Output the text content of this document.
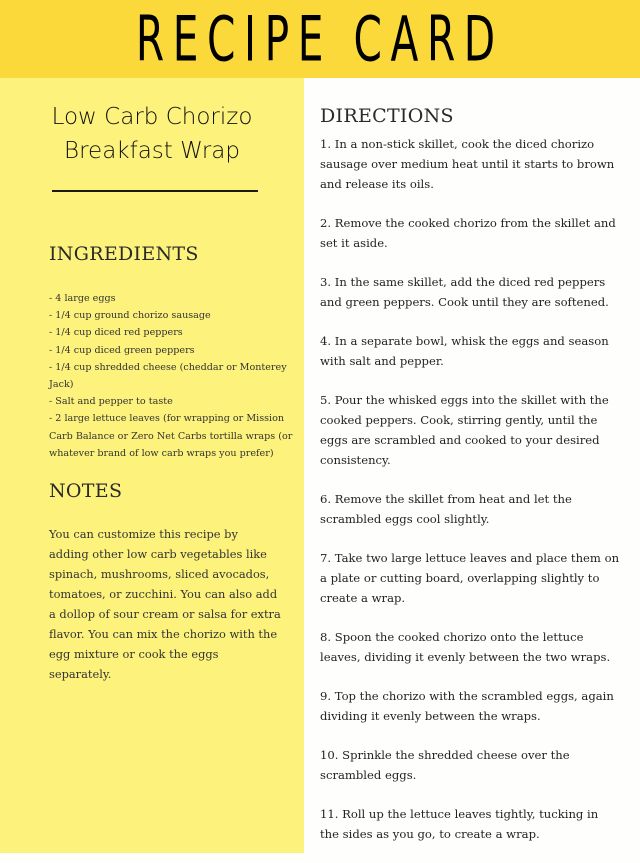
RECIPE CARD
Low Carb Chorizo
Breakfast Wrap
INGREDIENTS
- 4 large eggs
- 1/4 cup ground chorizo sausage
- 1/4 cup diced red peppers
- 1/4 cup diced green peppers
- 1/4 cup shredded cheese (cheddar or Monterey Jack)
- Salt and pepper to taste
- 2 large lettuce leaves (for wrapping or Mission Carb Balance or Zero Net Carbs tortilla wraps (or whatever brand of low carb wraps you prefer)
NOTES
You can customize this recipe by adding other low carb vegetables like spinach, mushrooms, sliced avocados, tomatoes, or zucchini. You can also add a dollop of sour cream or salsa for extra flavor. You can mix the chorizo with the egg mixture or cook the eggs separately.
DIRECTIONS

1. In a non-stick skillet, cook the diced chorizo sausage over medium heat until it starts to brown and release its oils.

2. Remove the cooked chorizo from the skillet and set it aside.

3. In the same skillet, add the diced red peppers and green peppers. Cook until they are softened.

4. In a separate bowl, whisk the eggs and season with salt and pepper.

5. Pour the whisked eggs into the skillet with the cooked peppers. Cook, stirring gently, until the eggs are scrambled and cooked to your desired consistency.

6. Remove the skillet from heat and let the scrambled eggs cool slightly.

7. Take two large lettuce leaves and place them on a plate or cutting board, overlapping slightly to create a wrap.

8. Spoon the cooked chorizo onto the lettuce leaves, dividing it evenly between the two wraps.

9. Top the chorizo with the scrambled eggs, again dividing it evenly between the wraps.

10. Sprinkle the shredded cheese over the scrambled eggs.

11. Roll up the lettuce leaves tightly, tucking in the sides as you go, to create a wrap.
